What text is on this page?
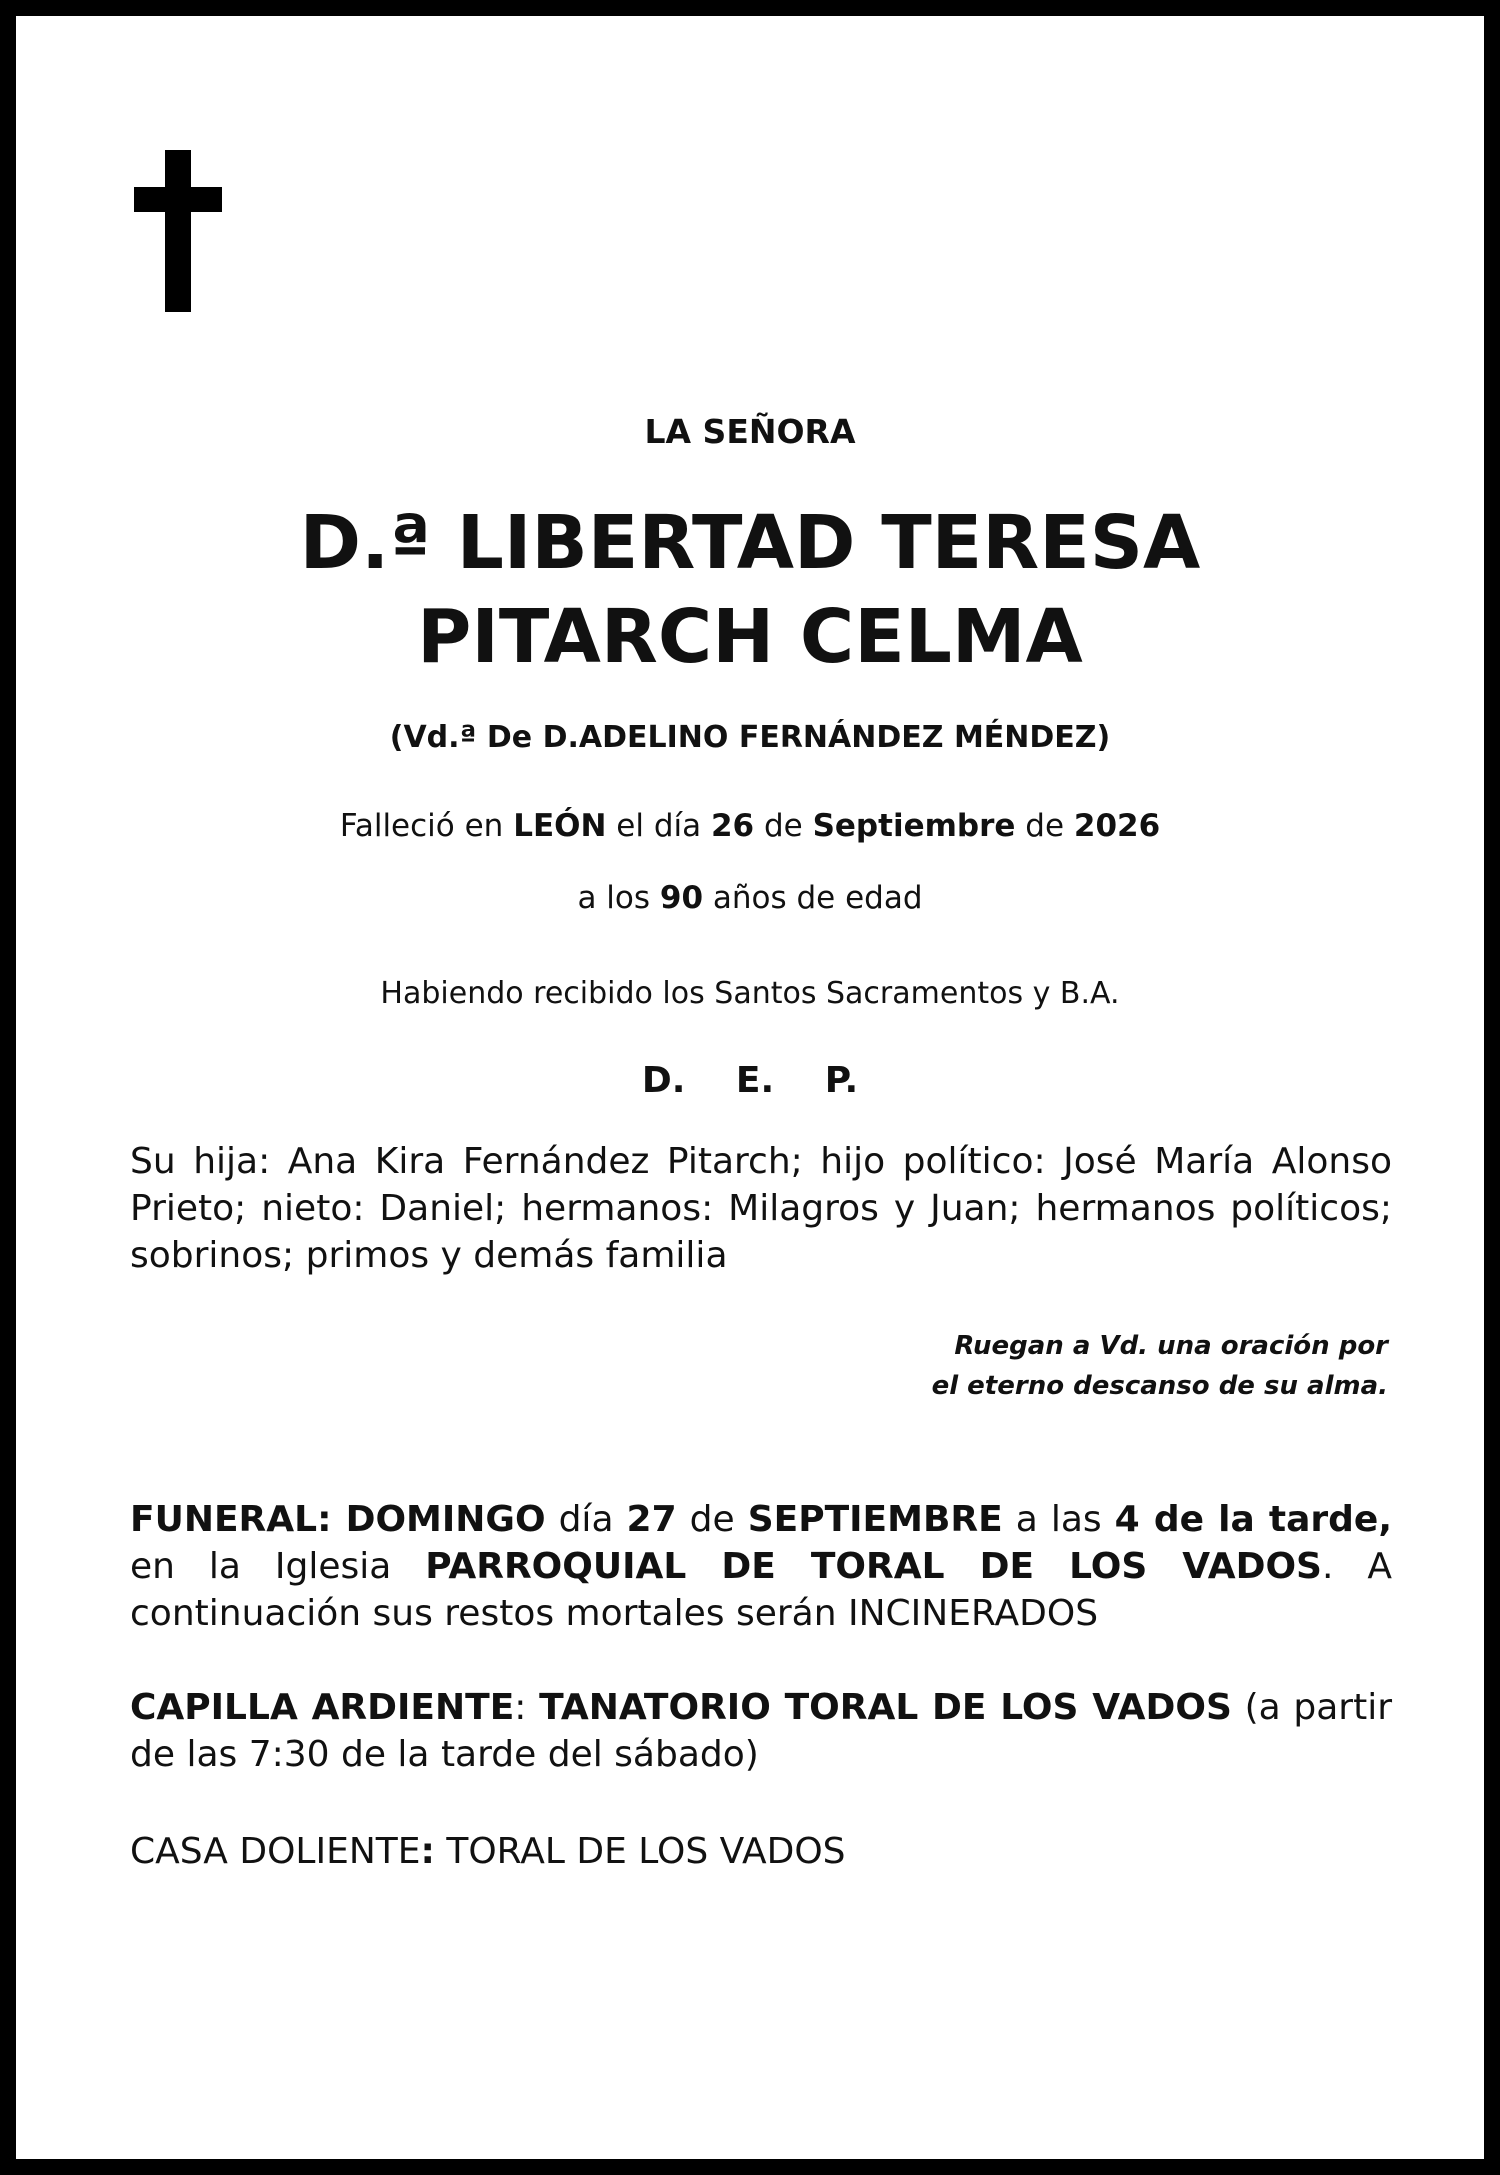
LA SEÑORA
D.ª LIBERTAD TERESA
PITARCH CELMA
(Vd.ª De D.ADELINO FERNÁNDEZ MÉNDEZ)
Falleció en LEÓN el día 26 de Septiembre de 2026
a los 90 años de edad
Habiendo recibido los Santos Sacramentos y B.A.
D. E. P.
Su hija: Ana Kira Fernández Pitarch; hijo político: José María Alonso Prieto; nieto: Daniel; hermanos: Milagros y Juan; hermanos políticos; sobrinos; primos y demás familia
Ruegan a Vd. una oración por
el eterno descanso de su alma.
FUNERAL: DOMINGO día 27 de SEPTIEMBRE a las 4 de la tarde, en la Iglesia PARROQUIAL DE TORAL DE LOS VADOS. A continuación sus restos mortales serán INCINERADOS
CAPILLA ARDIENTE: TANATORIO TORAL DE LOS VADOS (a partir de las 7:30 de la tarde del sábado)
CASA DOLIENTE: TORAL DE LOS VADOS
